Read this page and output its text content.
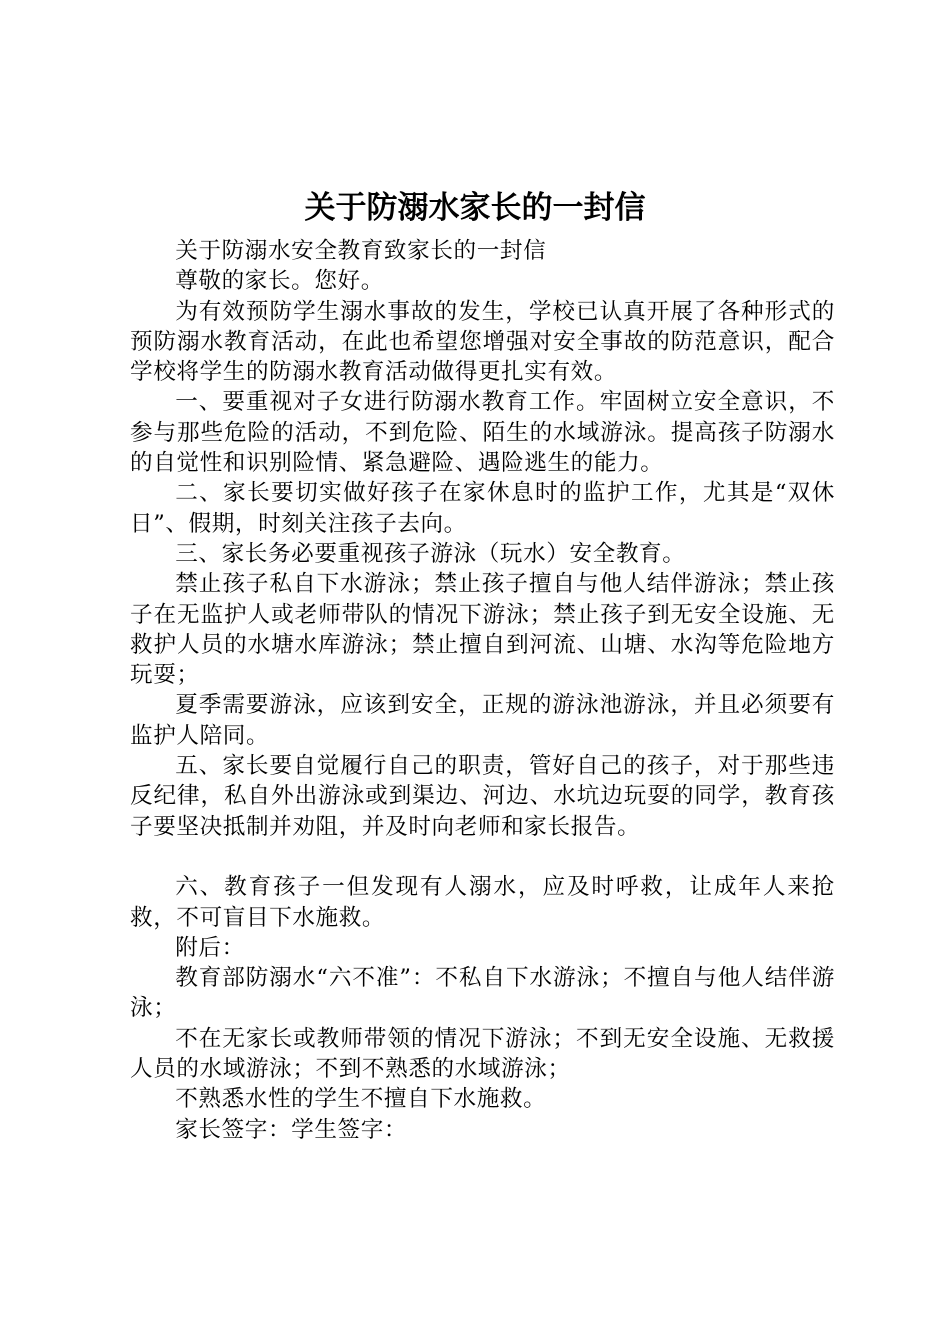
关于防溺水家长的一封信

关于防溺水安全教育致家长的一封信

尊敬的家长。您好。

为有效预防学生溺水事故的发生，学校已认真开展了各种形式的预防溺水教育活动，在此也希望您增强对安全事故的防范意识，配合学校将学生的防溺水教育活动做得更扎实有效。

一、要重视对子女进行防溺水教育工作。牢固树立安全意识，不参与那些危险的活动，不到危险、陌生的水域游泳。提高孩子防溺水的自觉性和识别险情、紧急避险、遇险逃生的能力。

二、家长要切实做好孩子在家休息时的监护工作，尤其是“双休日”、假期，时刻关注孩子去向。

三、家长务必要重视孩子游泳（玩水）安全教育。

禁止孩子私自下水游泳；禁止孩子擅自与他人结伴游泳；禁止孩子在无监护人或老师带队的情况下游泳；禁止孩子到无安全设施、无救护人员的水塘水库游泳；禁止擅自到河流、山塘、水沟等危险地方玩耍；

夏季需要游泳，应该到安全，正规的游泳池游泳，并且必须要有监护人陪同。

五、家长要自觉履行自己的职责，管好自己的孩子，对于那些违反纪律，私自外出游泳或到渠边、河边、水坑边玩耍的同学，教育孩子要坚决抵制并劝阻，并及时向老师和家长报告。

六、教育孩子一但发现有人溺水，应及时呼救，让成年人来抢救，不可盲目下水施救。

附后：

教育部防溺水“六不准”：不私自下水游泳；不擅自与他人结伴游泳；

不在无家长或教师带领的情况下游泳；不到无安全设施、无救援人员的水域游泳；不到不熟悉的水域游泳；

不熟悉水性的学生不擅自下水施救。

家长签字：学生签字：
